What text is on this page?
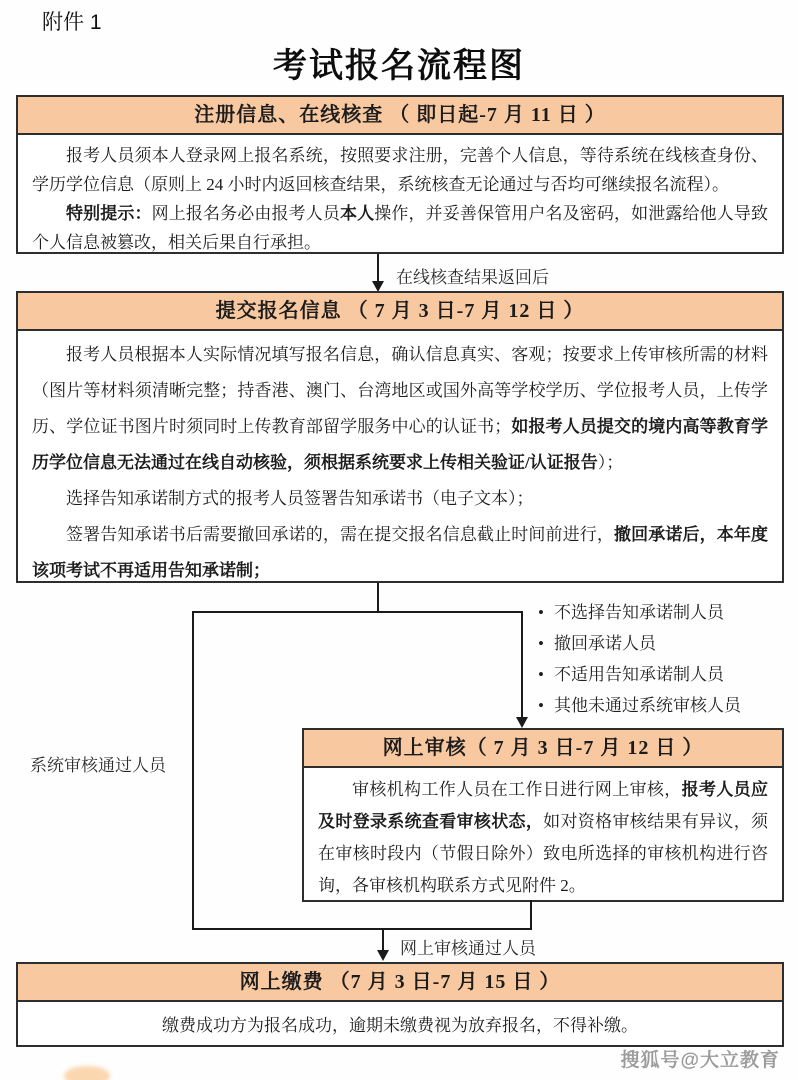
附件 1
考试报名流程图
注册信息、在线核查 （ 即日起-7 月 11 日 ）

报考人员须本人登录网上报名系统，按照要求注册，完善个人信息，等待系统在线核查身份、学历学位信息（原则上 24 小时内返回核查结果，系统核查无论通过与否均可继续报名流程）。

特别提示：网上报名务必由报考人员本人操作，并妥善保管用户名及密码，如泄露给他人导致个人信息被篡改，相关后果自行承担。

在线核查结果返回后
提交报名信息 （ 7 月 3 日-7 月 12 日 ）

报考人员根据本人实际情况填写报名信息，确认信息真实、客观；按要求上传审核所需的材料（图片等材料须清晰完整；持香港、澳门、台湾地区或国外高等学校学历、学位报考人员，上传学历、学位证书图片时须同时上传教育部留学服务中心的认证书；如报考人员提交的境内高等教育学历学位信息无法通过在线自动核验，须根据系统要求上传相关验证/认证报告）；

选择告知承诺制方式的报考人员签署告知承诺书（电子文本）；

签署告知承诺书后需要撤回承诺的，需在提交报名信息截止时间前进行，撤回承诺后，本年度该项考试不再适用告知承诺制；

• 不选择告知承诺制人员
• 撤回承诺人员
• 不适用告知承诺制人员
• 其他未通过系统审核人员
系统审核通过人员
网上审核（ 7 月 3 日-7 月 12 日 ）

审核机构工作人员在工作日进行网上审核，报考人员应及时登录系统查看审核状态，如对资格审核结果有异议，须在审核时段内（节假日除外）致电所选择的审核机构进行咨询，各审核机构联系方式见附件 2。

网上审核通过人员
网上缴费 （7 月 3 日-7 月 15 日 ）

缴费成功方为报名成功，逾期未缴费视为放弃报名，不得补缴。

搜狐号@大立教育
